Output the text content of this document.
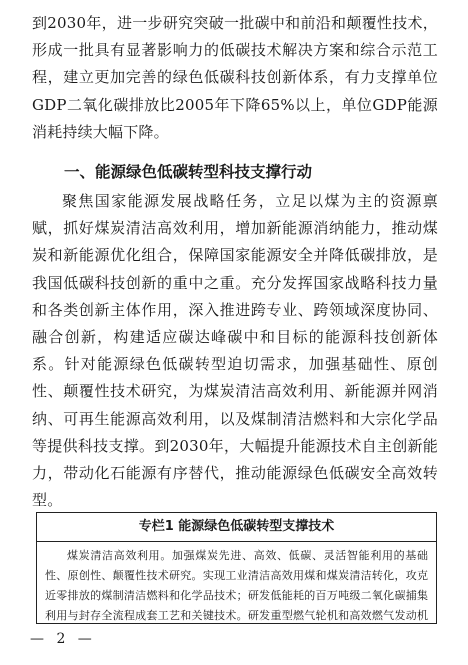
到2030年，进一步研究突破一批碳中和前沿和颠覆性技术，形成一批具有显著影响力的低碳技术解决方案和综合示范工程，建立更加完善的绿色低碳科技创新体系，有力支撑单位GDP二氧化碳排放比2005年下降65%以上，单位GDP能源消耗持续大幅下降。

一、能源绿色低碳转型科技支撑行动

聚焦国家能源发展战略任务，立足以煤为主的资源禀赋，抓好煤炭清洁高效利用，增加新能源消纳能力，推动煤炭和新能源优化组合，保障国家能源安全并降低碳排放，是我国低碳科技创新的重中之重。充分发挥国家战略科技力量和各类创新主体作用，深入推进跨专业、跨领域深度协同、融合创新，构建适应碳达峰碳中和目标的能源科技创新体系。针对能源绿色低碳转型迫切需求，加强基础性、原创性、颠覆性技术研究，为煤炭清洁高效利用、新能源并网消纳、可再生能源高效利用，以及煤制清洁燃料和大宗化学品等提供科技支撑。到2030年，大幅提升能源技术自主创新能力，带动化石能源有序替代，推动能源绿色低碳安全高效转型。

专栏1 能源绿色低碳转型支撑技术

煤炭清洁高效利用。加强煤炭先进、高效、低碳、灵活智能利用的基础性、原创性、颠覆性技术研究。实现工业清洁高效用煤和煤炭清洁转化，攻克近零排放的煤制清洁燃料和化学品技术；研发低能耗的百万吨级二氧化碳捕集利用与封存全流程成套工艺和关键技术。研发重型燃气轮机和高效燃气发动机

— 2 —
